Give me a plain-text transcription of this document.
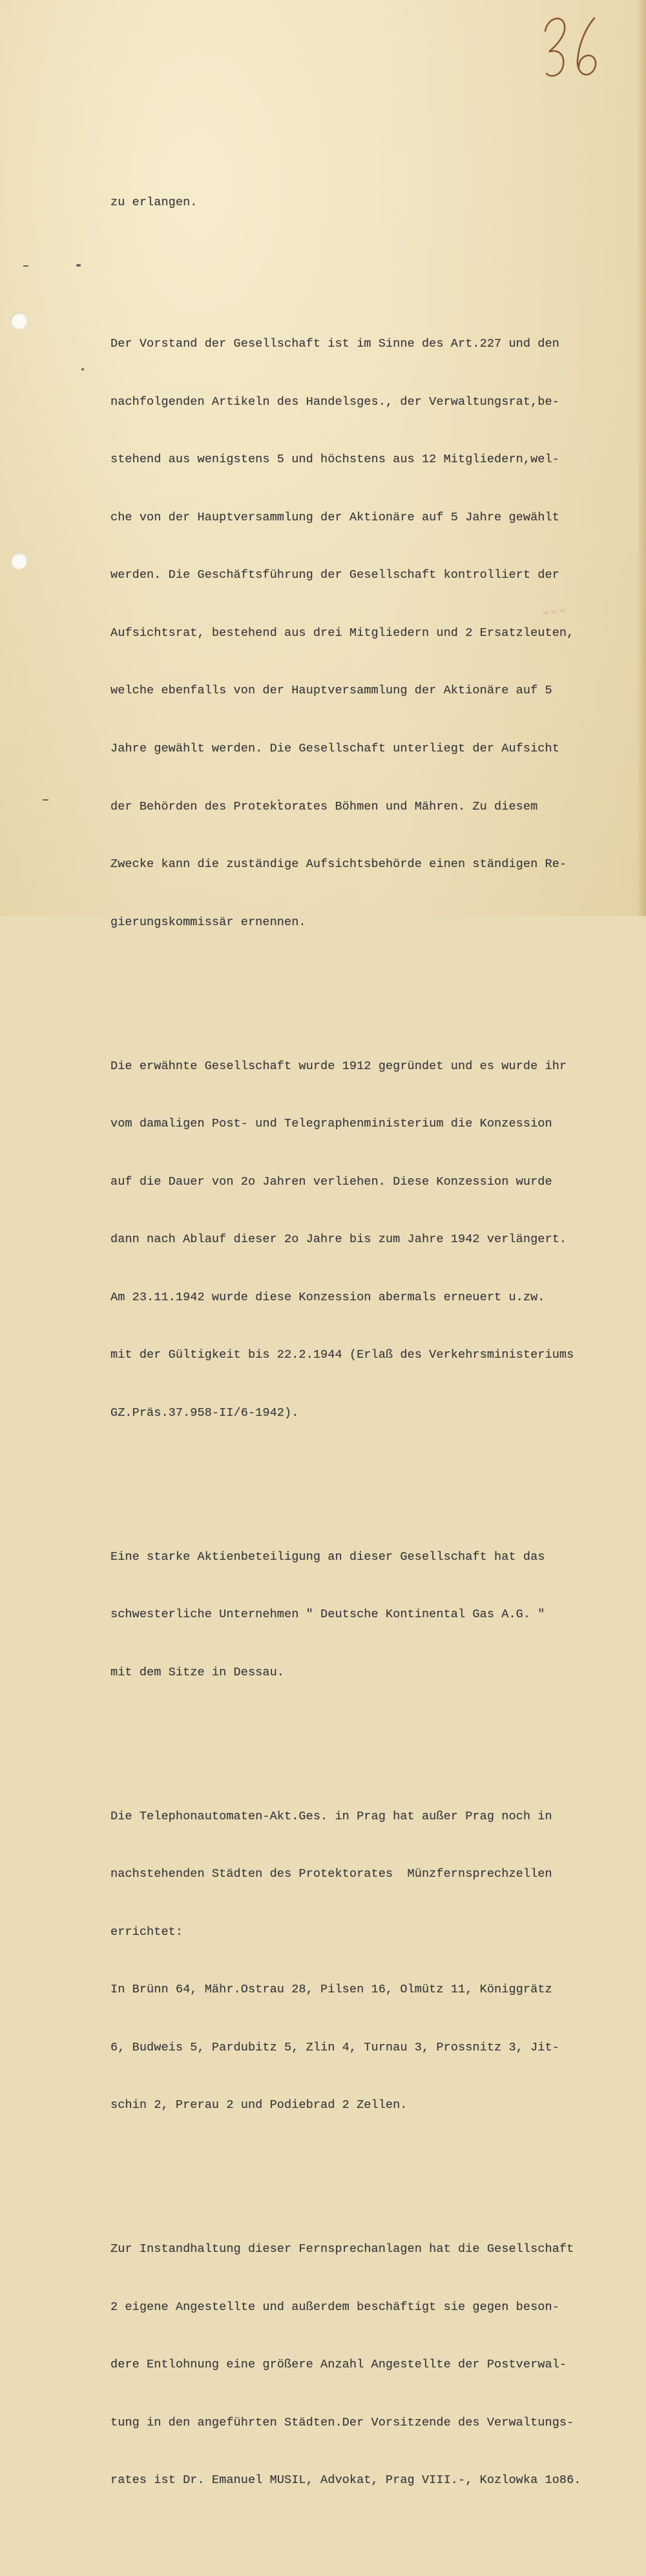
≈≈≈

zu erlangen.

Der Vorstand der Gesellschaft ist im Sinne des Art.227 und den

nachfolgenden Artikeln des Handelsges., der Verwaltungsrat,be-

stehend aus wenigstens 5 und höchstens aus 12 Mitgliedern,wel-

che von der Hauptversammlung der Aktionäre auf 5 Jahre gewählt

werden. Die Geschäftsführung der Gesellschaft kontrolliert der

Aufsichtsrat, bestehend aus drei Mitgliedern und 2 Ersatzleuten,

welche ebenfalls von der Hauptversammlung der Aktionäre auf 5

Jahre gewählt werden. Die Gesellschaft unterliegt der Aufsicht

der Behörden des Protektorates Böhmen und Mähren. Zu diesem

Zwecke kann die zuständige Aufsichtsbehörde einen ständigen Re-

gierungskommissär ernennen.

Die erwähnte Gesellschaft wurde 1912 gegründet und es wurde ihr

vom damaligen Post- und Telegraphenministerium die Konzession

auf die Dauer von 2o Jahren verliehen. Diese Konzession wurde

dann nach Ablauf dieser 2o Jahre bis zum Jahre 1942 verlängert.

Am 23.11.1942 wurde diese Konzession abermals erneuert u.zw.

mit der Gültigkeit bis 22.2.1944 (Erlaß des Verkehrsministeriums

GZ.Präs.37.958-II/6-1942).

Eine starke Aktienbeteiligung an dieser Gesellschaft hat das

schwesterliche Unternehmen " Deutsche Kontinental Gas A.G. "

mit dem Sitze in Dessau.

Die Telephonautomaten-Akt.Ges. in Prag hat außer Prag noch in

nachstehenden Städten des Protektorates  Münzfernsprechzellen

errichtet:

In Brünn 64, Mähr.Ostrau 28, Pilsen 16, Olmütz 11, Königgrätz

6, Budweis 5, Pardubitz 5, Zlin 4, Turnau 3, Prossnitz 3, Jit-

schin 2, Prerau 2 und Podiebrad 2 Zellen.

Zur Instandhaltung dieser Fernsprechanlagen hat die Gesellschaft

2 eigene Angestellte und außerdem beschäftigt sie gegen beson-

dere Entlohnung eine größere Anzahl Angestellte der Postverwal-

tung in den angeführten Städten.Der Vorsitzende des Verwaltungs-

rates ist Dr. Emanuel MUSIL, Advokat, Prag VIII.-, Kozlowka 1o86.
